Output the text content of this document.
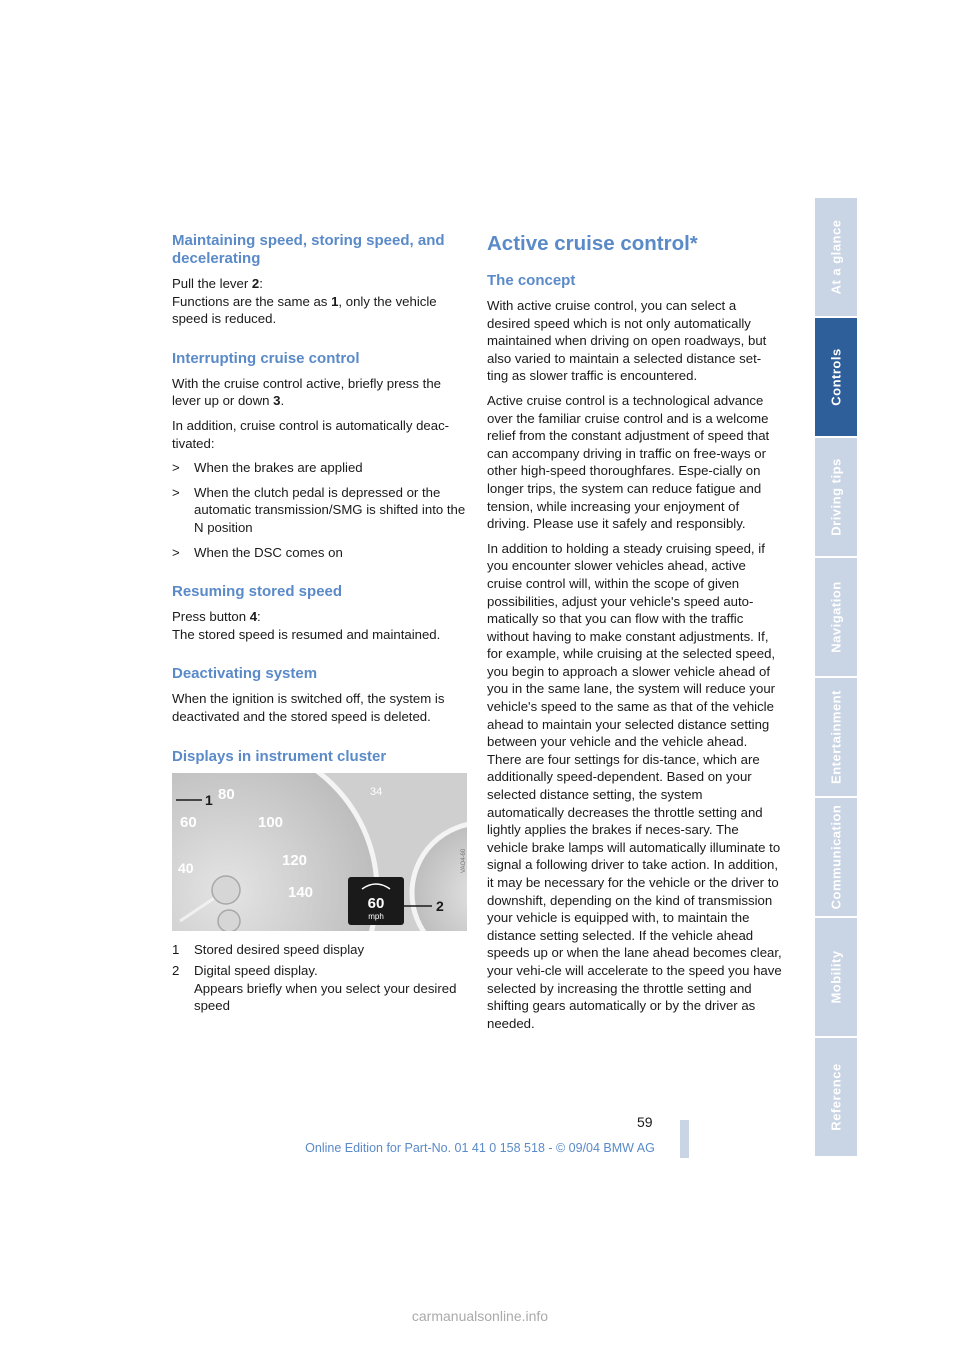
At a glance
Controls
Driving tips
Navigation
Entertainment
Communication
Mobility
Reference
Maintaining speed, storing speed, and decelerating

Pull the lever 2:
Functions are the same as 1, only the vehicle speed is reduced.

Interrupting cruise control

With the cruise control active, briefly press the lever up or down 3.

In addition, cruise control is automatically deac-tivated:

>	When the brakes are applied
>	When the clutch pedal is depressed or the automatic transmission/SMG is shifted into the N position
>	When the DSC comes on
Resuming stored speed

Press button 4:
The stored speed is resumed and maintained.

Deactivating system

When the ignition is switched off, the system is deactivated and the stored speed is deleted.

Displays in instrument cluster
40
60
80
100
120
140
34
60
mph
1
2
VAO4-60
1	Stored desired speed display
2	Digital speed display.
Appears briefly when you select your desired speed
Active cruise control*
The concept

With active cruise control, you can select a desired speed which is not only automatically maintained when driving on open roadways, but also varied to maintain a selected distance set-ting as slower traffic is encountered.

Active cruise control is a technological advance over the familiar cruise control and is a welcome relief from the constant adjustment of speed that can accompany driving in traffic on free-ways or other high-speed thoroughfares. Espe-cially on longer trips, the system can reduce fatigue and tension, while increasing your enjoyment of driving. Please use it safely and responsibly.

In addition to holding a steady cruising speed, if you encounter slower vehicles ahead, active cruise control will, within the scope of given possibilities, adjust your vehicle's speed auto-matically so that you can flow with the traffic without having to make constant adjustments. If, for example, while cruising at the selected speed, you begin to approach a slower vehicle ahead of you in the same lane, the system will reduce your vehicle's speed to the same as that of the vehicle ahead to maintain your selected distance setting between your vehicle and the vehicle ahead. There are four settings for dis-tance, which are additionally speed-dependent. Based on your selected distance setting, the system automatically decreases the throttle setting and lightly applies the brakes if neces-sary. The vehicle brake lamps will automatically illuminate to signal a following driver to take action. In addition, it may be necessary for the vehicle or the driver to downshift, depending on the kind of transmission your vehicle is equipped with, to maintain the distance setting selected. If the vehicle ahead speeds up or when the lane ahead becomes clear, your vehi-cle will accelerate to the speed you have selected by increasing the throttle setting and shifting gears automatically or by the driver as needed.

59
Online Edition for Part-No. 01 41 0 158 518 - © 09/04 BMW AG
carmanualsonline.info
